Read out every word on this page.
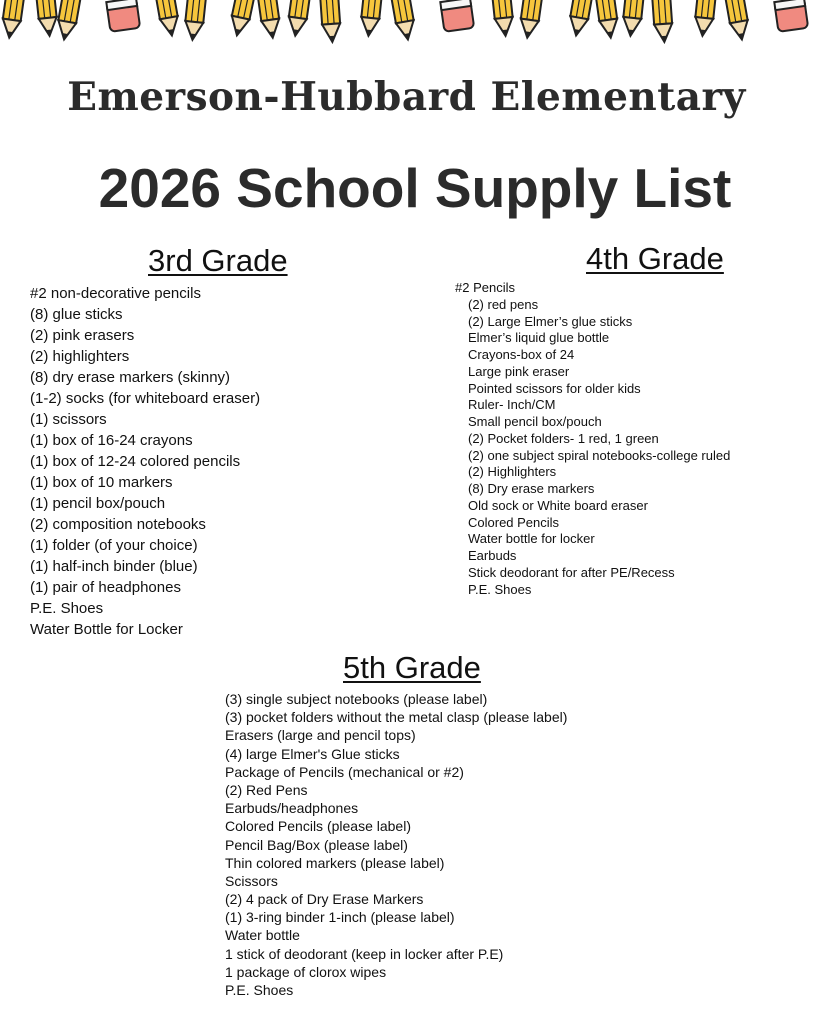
Emerson-Hubbard Elementary
2026 School Supply List
3rd Grade
#2 non-decorative pencils
(8) glue sticks
(2) pink erasers
(2) highlighters
(8) dry erase markers (skinny)
(1-2) socks (for whiteboard eraser)
(1) scissors
(1) box of 16-24 crayons
(1) box of 12-24 colored pencils
(1) box of 10 markers
(1) pencil box/pouch
(2) composition notebooks
(1) folder (of your choice)
(1) half-inch binder (blue)
(1) pair of headphones
P.E. Shoes
Water Bottle for Locker
4th Grade
#2 Pencils
(2) red pens
(2) Large Elmer’s glue sticks
Elmer’s liquid glue bottle
Crayons-box of 24
Large pink eraser
Pointed scissors for older kids
Ruler- Inch/CM
Small pencil box/pouch
(2) Pocket folders- 1 red, 1 green
(2) one subject spiral notebooks-college ruled
(2) Highlighters
(8) Dry erase markers
Old sock or White board eraser
Colored Pencils
Water bottle for locker
Earbuds
Stick deodorant for after PE/Recess
P.E. Shoes
5th Grade
(3) single subject notebooks (please label)
(3) pocket folders without the metal clasp (please label)
Erasers (large and pencil tops)
(4) large Elmer's Glue sticks
Package of Pencils (mechanical or #2)
(2) Red Pens
Earbuds/headphones
Colored Pencils (please label)
Pencil Bag/Box (please label)
Thin colored markers (please label)
Scissors
(2) 4 pack of Dry Erase Markers
(1) 3-ring binder 1-inch (please label)
Water bottle
1 stick of deodorant (keep in locker after P.E)
1 package of clorox wipes
P.E. Shoes
